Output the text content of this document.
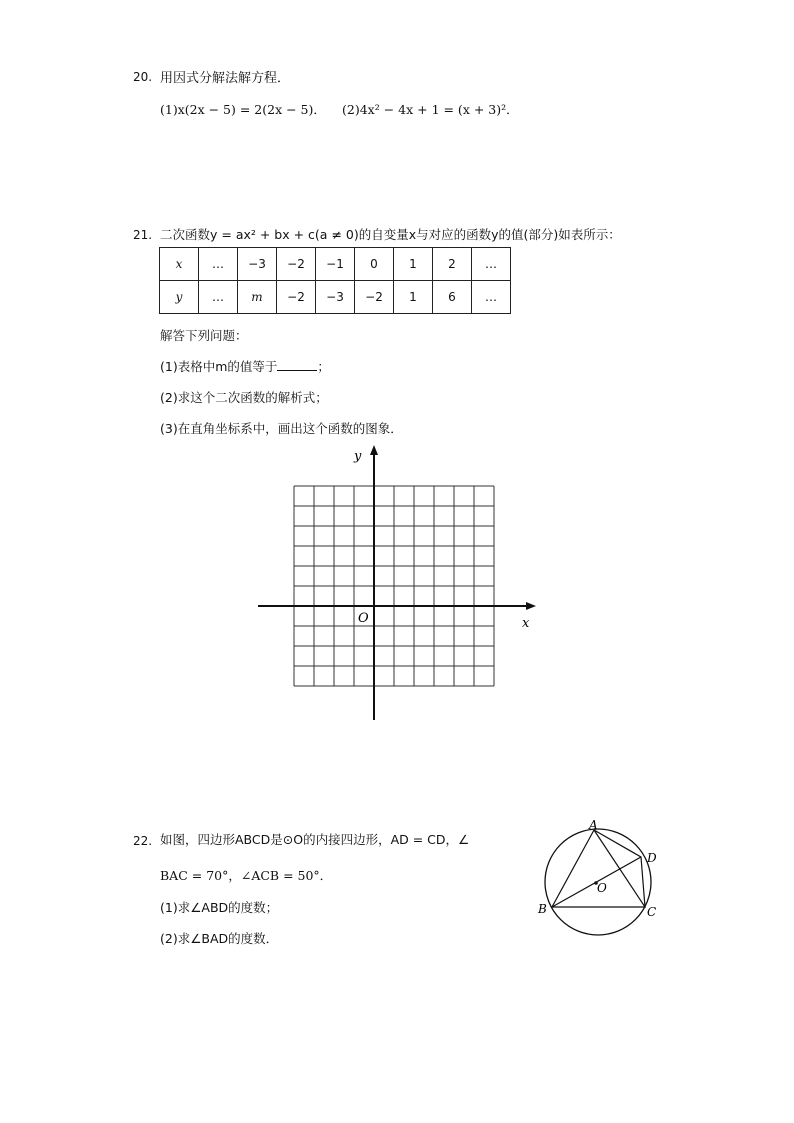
20. 用因式分解法解方程．
(1)x(2x − 5) = 2(2x − 5)． (2)4x² − 4x + 1 = (x + 3)²．
21. 二次函数y = ax² + bx + c(a ≠ 0)的自变量x与对应的函数y的值(部分)如表所示：
x	…	−3	−2	−1	0	1	2	…
y	…	m	−2	−3	−2	1	6	…
解答下列问题：
(1)表格中m的值等于	；
(2)求这个二次函数的解析式；
(3)在直角坐标系中，画出这个函数的图象．
y
x
O
22. 如图，四边形ABCD是⊙O的内接四边形，AD = CD，∠
BAC = 70°，∠ACB = 50°．
(1)求∠ABD的度数；
(2)求∠BAD的度数．
A
B	C
D
O
